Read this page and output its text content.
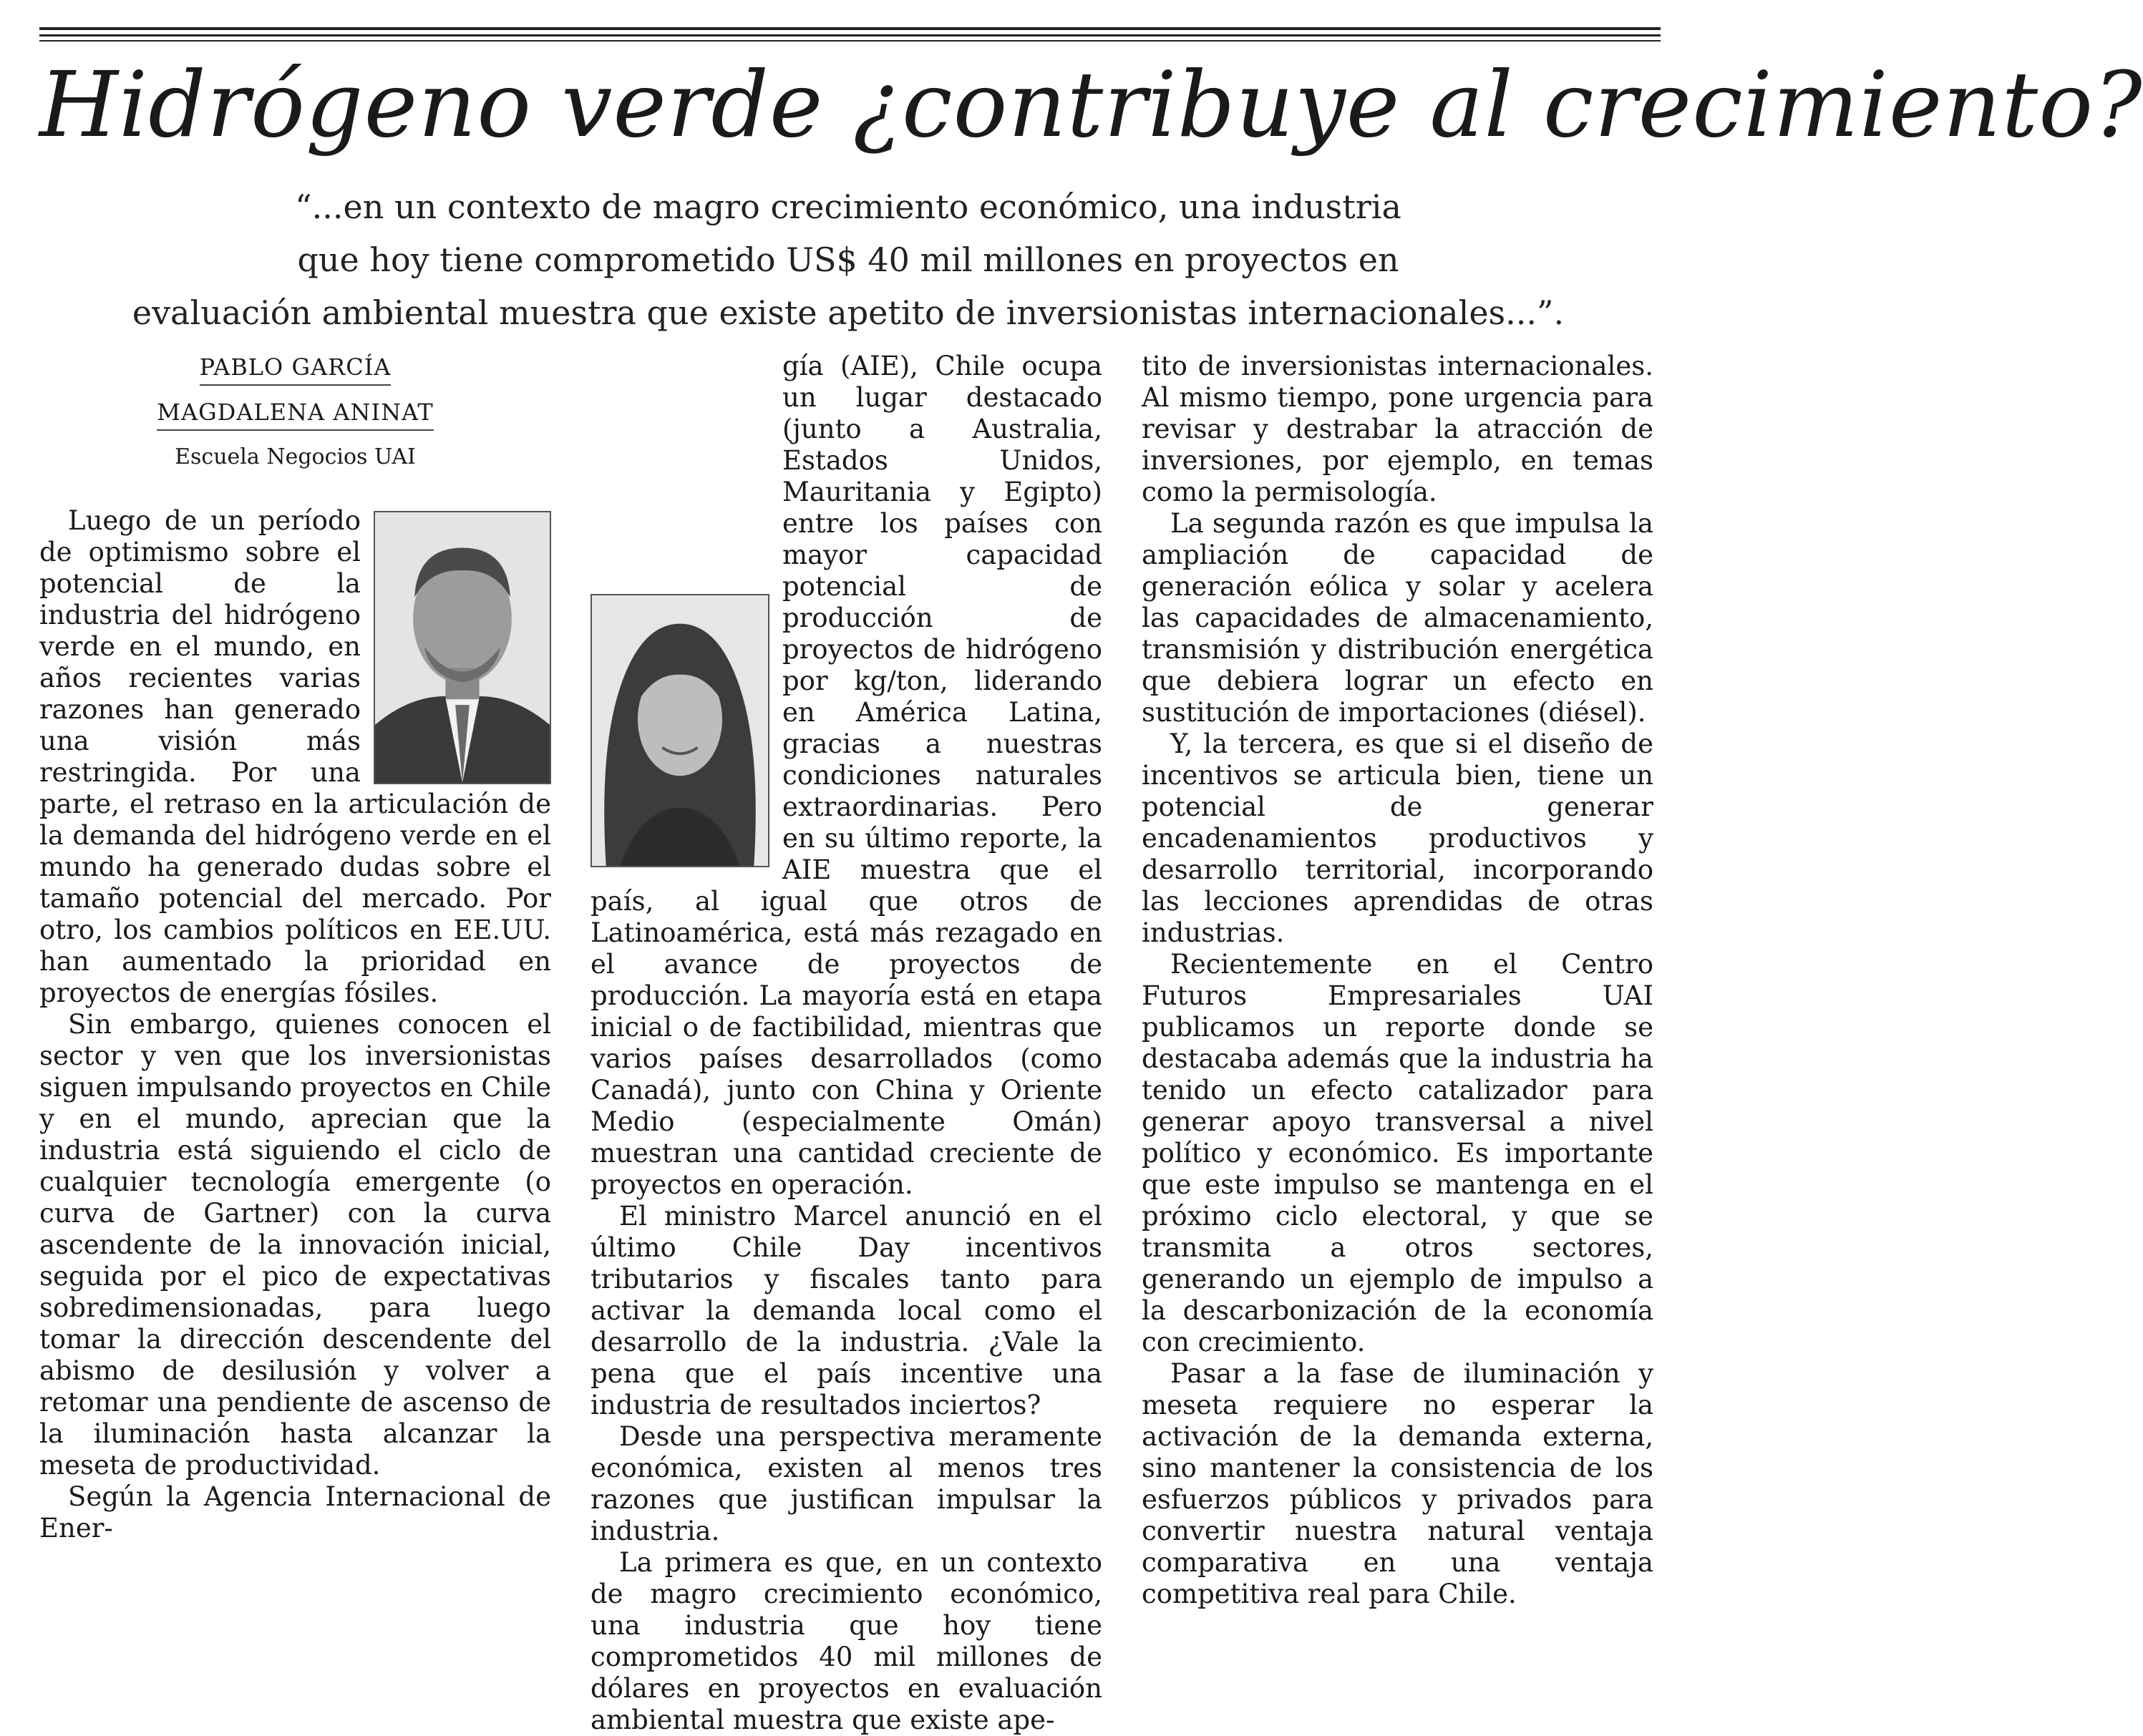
Hidrógeno verde ¿contribuye al crecimiento?
“...en un contexto de magro crecimiento económico, una industria
que hoy tiene comprometido US$ 40 mil millones en proyectos en
evaluación ambiental muestra que existe apetito de inversionistas internacionales...”.
PABLO GARCÍA
MAGDALENA ANINAT
Escuela Negocios UAI

Luego de un período de optimismo sobre el potencial de la industria del hidrógeno verde en el mundo, en años recientes varias razones han generado una visión más restringida. Por una parte, el retraso en la articulación de la demanda del hidrógeno verde en el mundo ha generado dudas sobre el tamaño potencial del mercado. Por otro, los cambios políticos en EE.UU. han aumentado la prioridad en proyectos de energías fósiles.

Sin embargo, quienes conocen el sector y ven que los inversionistas siguen impulsando proyectos en Chile y en el mundo, aprecian que la industria está siguiendo el ciclo de cualquier tecnología emergente (o curva de Gartner) con la curva ascendente de la innovación inicial, seguida por el pico de expectativas sobredimensionadas, para luego tomar la dirección descendente del abismo de desilusión y volver a retomar una pendiente de ascenso de la iluminación hasta alcanzar la meseta de productividad.

Según la Agencia Internacional de Ener-

gía (AIE), Chile ocupa un lugar destacado (junto a Australia, Estados Unidos, Mauritania y Egipto) entre los países con mayor capacidad potencial de producción de proyectos de hidrógeno por kg/ton, liderando en América Latina, gracias a nuestras condiciones naturales extraordinarias. Pero en su último reporte, la AIE muestra que el país, al igual que otros de Latinoamérica, está más rezagado en el avance de proyectos de producción. La mayoría está en etapa inicial o de factibilidad, mientras que varios países desarrollados (como Canadá), junto con China y Oriente Medio (especialmente Omán) muestran una cantidad creciente de proyectos en operación.

El ministro Marcel anunció en el último Chile Day incentivos tributarios y fiscales tanto para activar la demanda local como el desarrollo de la industria. ¿Vale la pena que el país incentive una industria de resultados inciertos?

Desde una perspectiva meramente económica, existen al menos tres razones que justifican impulsar la industria.

La primera es que, en un contexto de magro crecimiento económico, una industria que hoy tiene comprometidos 40 mil millones de dólares en proyectos en evaluación ambiental muestra que existe ape-

tito de inversionistas internacionales. Al mismo tiempo, pone urgencia para revisar y destrabar la atracción de inversiones, por ejemplo, en temas como la permisología.

La segunda razón es que impulsa la ampliación de capacidad de generación eólica y solar y acelera las capacidades de almacenamiento, transmisión y distribución energética que debiera lograr un efecto en sustitución de importaciones (diésel).

Y, la tercera, es que si el diseño de incentivos se articula bien, tiene un potencial de generar encadenamientos productivos y desarrollo territorial, incorporando las lecciones aprendidas de otras industrias.

Recientemente en el Centro Futuros Empresariales UAI publicamos un reporte donde se destacaba además que la industria ha tenido un efecto catalizador para generar apoyo transversal a nivel político y económico. Es importante que este impulso se mantenga en el próximo ciclo electoral, y que se transmita a otros sectores, generando un ejemplo de impulso a la descarbonización de la economía con crecimiento.

Pasar a la fase de iluminación y meseta requiere no esperar la activación de la demanda externa, sino mantener la consistencia de los esfuerzos públicos y privados para convertir nuestra natural ventaja comparativa en una ventaja competitiva real para Chile.
